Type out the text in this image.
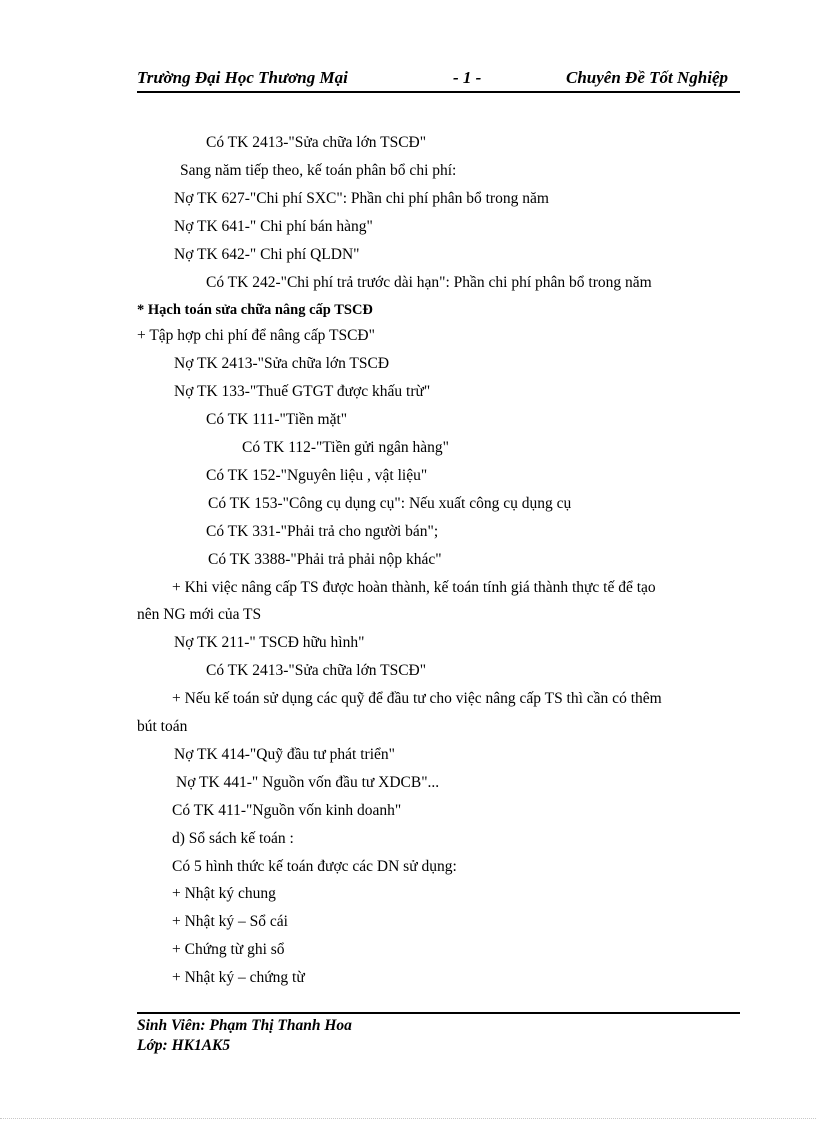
Trường Đại Học Thương Mại	- 1 -	Chuyên Đề Tốt Nghiệp
Có TK 2413-"Sửa chữa lớn TSCĐ"
Sang năm tiếp theo, kế toán phân bổ chi phí:
Nợ TK 627-"Chi phí SXC": Phần chi phí phân bổ trong năm
Nợ TK 641-" Chi phí bán hàng"
Nợ TK 642-" Chi phí QLDN"
Có TK 242-"Chi phí trả trước dài hạn": Phần chi phí phân bổ trong năm
* Hạch toán sửa chữa nâng cấp TSCĐ
+ Tập hợp chi phí để nâng cấp TSCĐ"
Nợ TK 2413-"Sửa chữa lớn TSCĐ
Nợ TK 133-"Thuế GTGT được khấu trừ"
Có TK 111-"Tiền mặt"
Có TK 112-"Tiền gửi ngân hàng"
Có TK 152-"Nguyên liệu , vật liệu"
Có TK 153-"Công cụ dụng cụ": Nếu xuất công cụ dụng cụ
Có TK 331-"Phải trả cho người bán";
Có TK 3388-"Phải trả phải nộp khác"
+ Khi việc nâng cấp TS được hoàn thành, kế toán tính giá thành thực tế để tạo
nên NG mới của TS
Nợ TK 211-" TSCĐ hữu hình"
Có TK 2413-"Sửa chữa lớn TSCĐ"
+ Nếu kế toán sử dụng các quỹ để đầu tư cho việc nâng cấp TS thì cần có thêm
bút toán
Nợ TK 414-"Quỹ đầu tư phát triển"
Nợ TK 441-" Nguồn vốn đầu tư XDCB"...
Có TK 411-"Nguồn vốn kinh doanh"
d) Sổ sách kế toán :
Có 5 hình thức kế toán được các DN sử dụng:
+ Nhật ký chung
+ Nhật ký – Sổ cái
+ Chứng từ ghi sổ
+ Nhật ký – chứng từ
Sinh Viên: Phạm Thị Thanh Hoa
Lớp: HK1AK5
